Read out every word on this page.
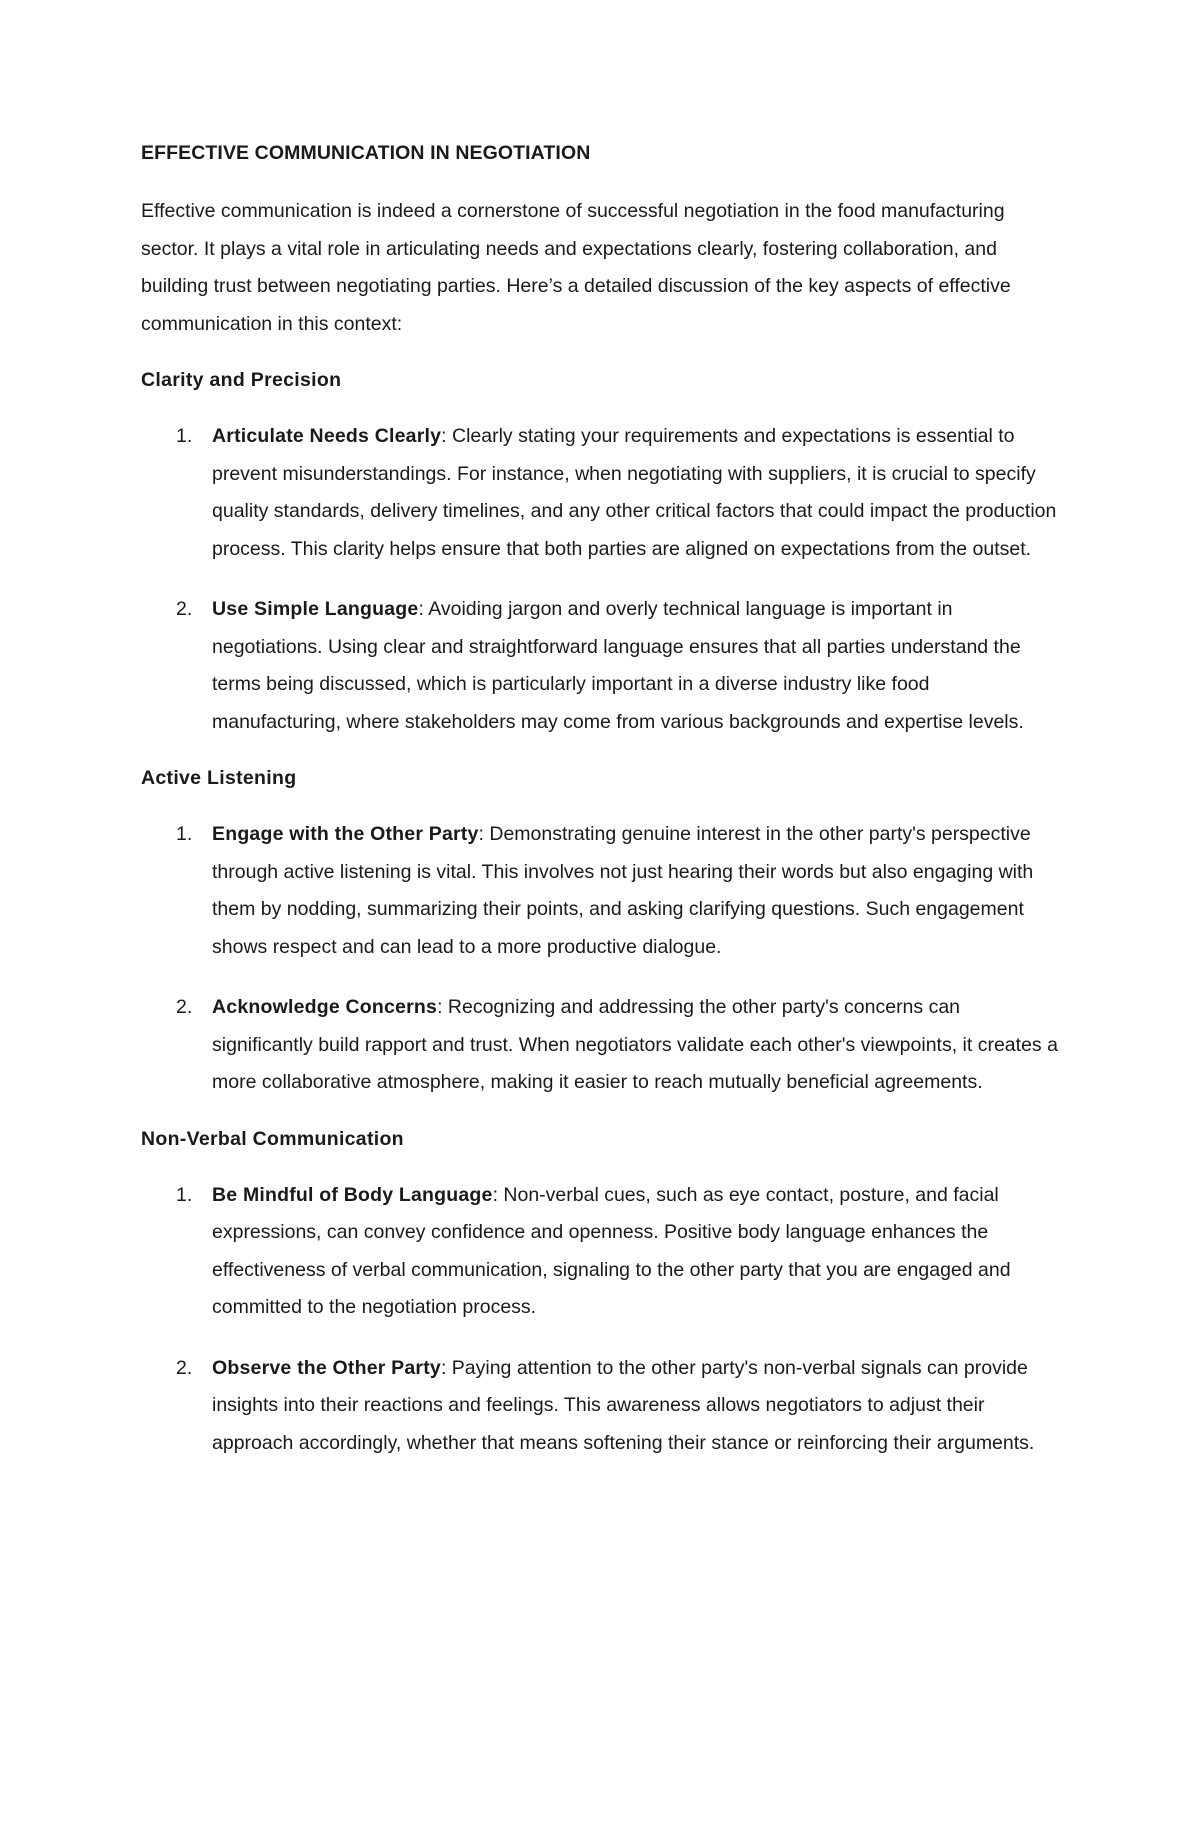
EFFECTIVE COMMUNICATION IN NEGOTIATION

Effective communication is indeed a cornerstone of successful negotiation in the food manufacturing sector. It plays a vital role in articulating needs and expectations clearly, fostering collaboration, and building trust between negotiating parties. Here’s a detailed discussion of the key aspects of effective communication in this context:

Clarity and Precision
1. Articulate Needs Clearly: Clearly stating your requirements and expectations is essential to prevent misunderstandings. For instance, when negotiating with suppliers, it is crucial to specify quality standards, delivery timelines, and any other critical factors that could impact the production process. This clarity helps ensure that both parties are aligned on expectations from the outset.
2. Use Simple Language: Avoiding jargon and overly technical language is important in negotiations. Using clear and straightforward language ensures that all parties understand the terms being discussed, which is particularly important in a diverse industry like food manufacturing, where stakeholders may come from various backgrounds and expertise levels.
Active Listening
1. Engage with the Other Party: Demonstrating genuine interest in the other party's perspective through active listening is vital. This involves not just hearing their words but also engaging with them by nodding, summarizing their points, and asking clarifying questions. Such engagement shows respect and can lead to a more productive dialogue.
2. Acknowledge Concerns: Recognizing and addressing the other party's concerns can significantly build rapport and trust. When negotiators validate each other's viewpoints, it creates a more collaborative atmosphere, making it easier to reach mutually beneficial agreements.
Non-Verbal Communication
1. Be Mindful of Body Language: Non-verbal cues, such as eye contact, posture, and facial expressions, can convey confidence and openness. Positive body language enhances the effectiveness of verbal communication, signaling to the other party that you are engaged and committed to the negotiation process.
2. Observe the Other Party: Paying attention to the other party's non-verbal signals can provide insights into their reactions and feelings. This awareness allows negotiators to adjust their approach accordingly, whether that means softening their stance or reinforcing their arguments.
